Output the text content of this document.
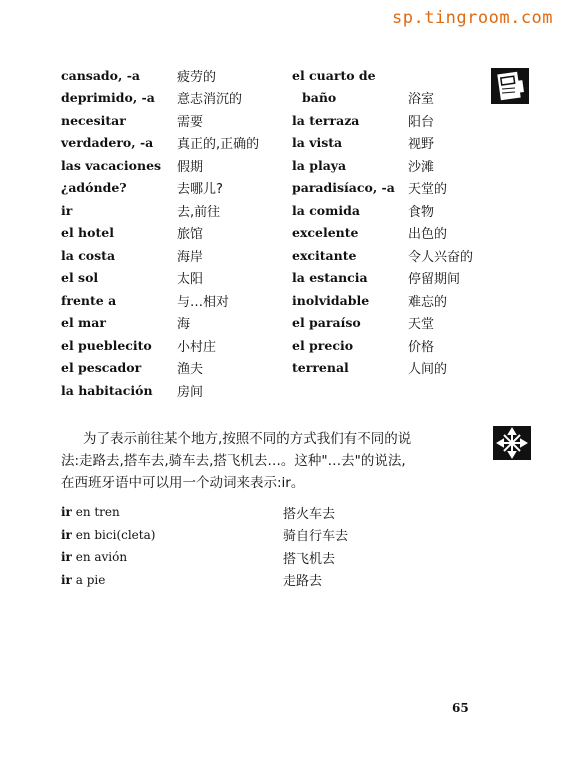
sp.tingroom.com
cansado, -a	疲劳的
deprimido, -a	意志消沉的
necesitar	需要
verdadero, -a	真正的,正确的
las vacaciones	假期
¿adónde?	去哪儿?
ir	去,前往
el hotel	旅馆
la costa	海岸
el sol	太阳
frente a	与…相对
el mar	海
el pueblecito	小村庄
el pescador	渔夫
la habitación	房间
el cuarto de
baño	浴室
la terraza	阳台
la vista	视野
la playa	沙滩
paradisíaco, -a	天堂的
la comida	食物
excelente	出色的
excitante	令人兴奋的
la estancia	停留期间
inolvidable	难忘的
el paraíso	天堂
el precio	价格
terrenal	人间的
为了表示前往某个地方,按照不同的方式我们有不同的说
法:走路去,搭车去,骑车去,搭飞机去…。这种"…去"的说法,
在西班牙语中可以用一个动词来表示:ir。
ir en tren	搭火车去
ir en bici(cleta)	骑自行车去
ir en avión	搭飞机去
ir a pie	走路去
65
